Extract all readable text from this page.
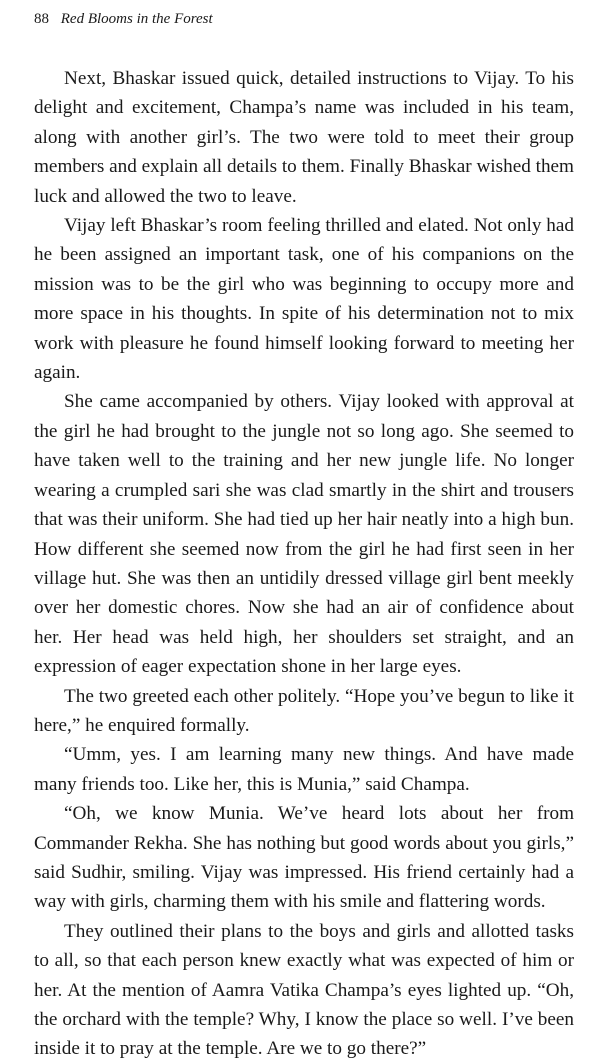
88 Red Blooms in the Forest

Next, Bhaskar issued quick, detailed instructions to Vijay. To his delight and excitement, Champa’s name was included in his team, along with another girl’s. The two were told to meet their group members and explain all details to them. Finally Bhaskar wished them luck and allowed the two to leave.

Vijay left Bhaskar’s room feeling thrilled and elated. Not only had he been assigned an important task, one of his companions on the mission was to be the girl who was beginning to occupy more and more space in his thoughts. In spite of his determination not to mix work with pleasure he found himself looking forward to meeting her again.

She came accompanied by others. Vijay looked with approval at the girl he had brought to the jungle not so long ago. She seemed to have taken well to the training and her new jungle life. No longer wearing a crumpled sari she was clad smartly in the shirt and trousers that was their uniform. She had tied up her hair neatly into a high bun. How different she seemed now from the girl he had first seen in her village hut. She was then an untidily dressed village girl bent meekly over her domestic chores. Now she had an air of confidence about her. Her head was held high, her shoulders set straight, and an expression of eager expectation shone in her large eyes.

The two greeted each other politely. “Hope you’ve begun to like it here,” he enquired formally.

“Umm, yes. I am learning many new things. And have made many friends too. Like her, this is Munia,” said Champa.

“Oh, we know Munia. We’ve heard lots about her from Commander Rekha. She has nothing but good words about you girls,” said Sudhir, smiling. Vijay was impressed. His friend certainly had a way with girls, charming them with his smile and flattering words.

They outlined their plans to the boys and girls and allotted tasks to all, so that each person knew exactly what was expected of him or her. At the mention of Aamra Vatika Champa’s eyes lighted up. “Oh, the orchard with the temple? Why, I know the place so well. I’ve been inside it to pray at the temple. Are we to go there?”
